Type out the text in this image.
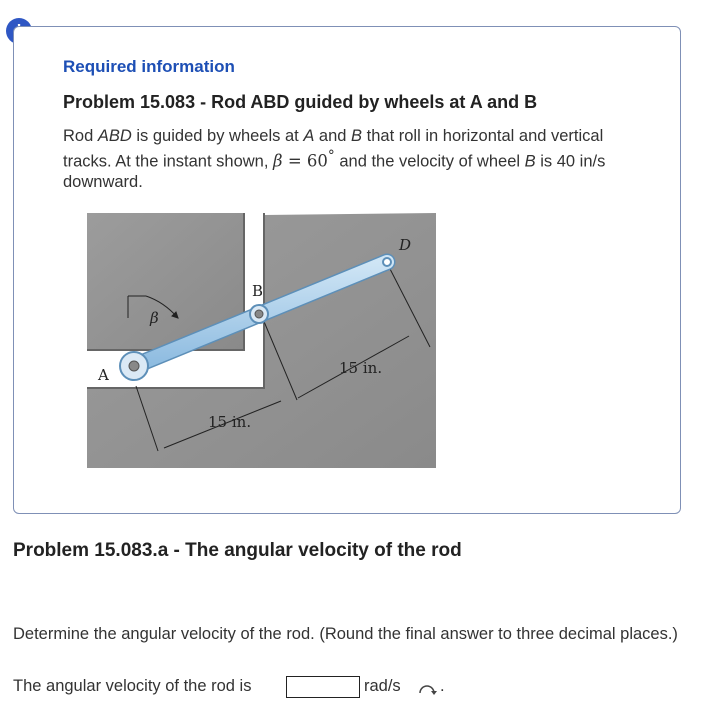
Required information
Problem 15.083 - Rod ABD guided by wheels at A and B
Rod ABD is guided by wheels at A and B that roll in horizontal and vertical tracks. At the instant shown, β = 60° and the velocity of wheel B is 40 in/s downward.
A
B
D
β
15 in.
15 in.
Problem 15.083.a - The angular velocity of the rod
Determine the angular velocity of the rod. (Round the final answer to three decimal places.)
The angular velocity of the rod is	rad/s .
